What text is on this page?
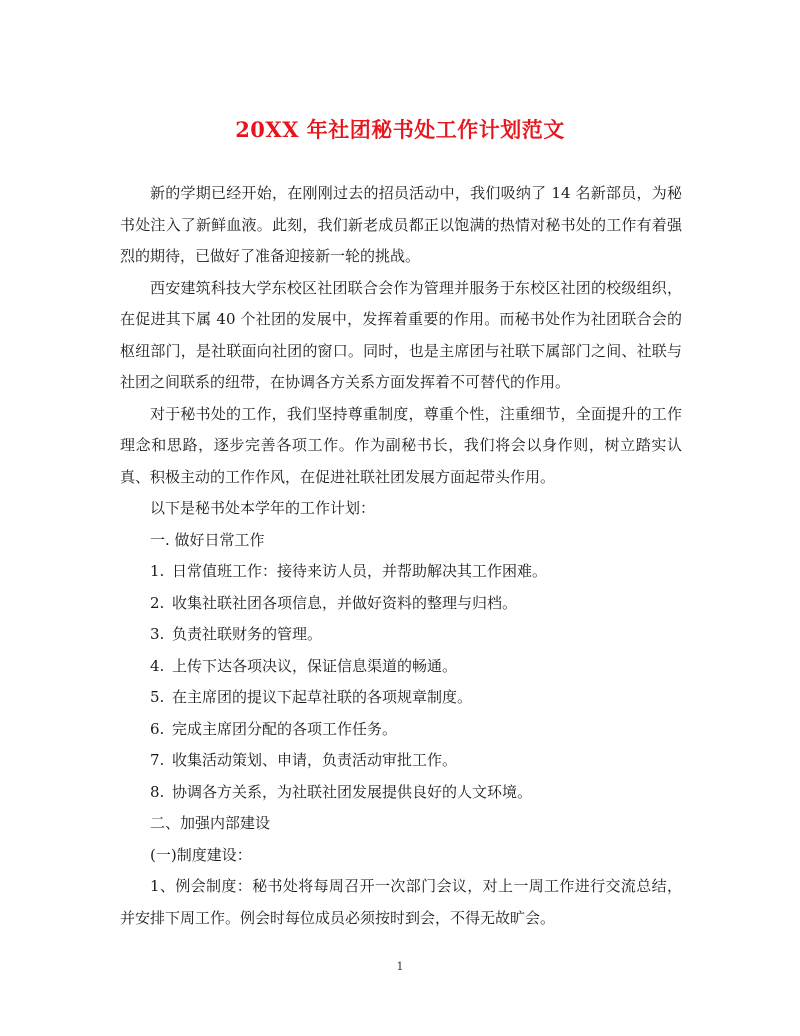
20XX 年社团秘书处工作计划范文

新的学期已经开始，在刚刚过去的招员活动中，我们吸纳了 14 名新部员，为秘书处注入了新鲜血液。此刻，我们新老成员都正以饱满的热情对秘书处的工作有着强烈的期待，已做好了准备迎接新一轮的挑战。

西安建筑科技大学东校区社团联合会作为管理并服务于东校区社团的校级组织，在促进其下属 40 个社团的发展中，发挥着重要的作用。而秘书处作为社团联合会的枢纽部门，是社联面向社团的窗口。同时，也是主席团与社联下属部门之间、社联与社团之间联系的纽带，在协调各方关系方面发挥着不可替代的作用。

对于秘书处的工作，我们坚持尊重制度，尊重个性，注重细节，全面提升的工作理念和思路，逐步完善各项工作。作为副秘书长，我们将会以身作则，树立踏实认真、积极主动的工作作风，在促进社联社团发展方面起带头作用。

以下是秘书处本学年的工作计划：

一. 做好日常工作

1. 日常值班工作：接待来访人员，并帮助解决其工作困难。

2. 收集社联社团各项信息，并做好资料的整理与归档。

3. 负责社联财务的管理。

4. 上传下达各项决议，保证信息渠道的畅通。

5. 在主席团的提议下起草社联的各项规章制度。

6. 完成主席团分配的各项工作任务。

7. 收集活动策划、申请，负责活动审批工作。

8. 协调各方关系，为社联社团发展提供良好的人文环境。

二、加强内部建设

(一)制度建设：

1、例会制度：秘书处将每周召开一次部门会议，对上一周工作进行交流总结，并安排下周工作。例会时每位成员必须按时到会，不得无故旷会。

1
